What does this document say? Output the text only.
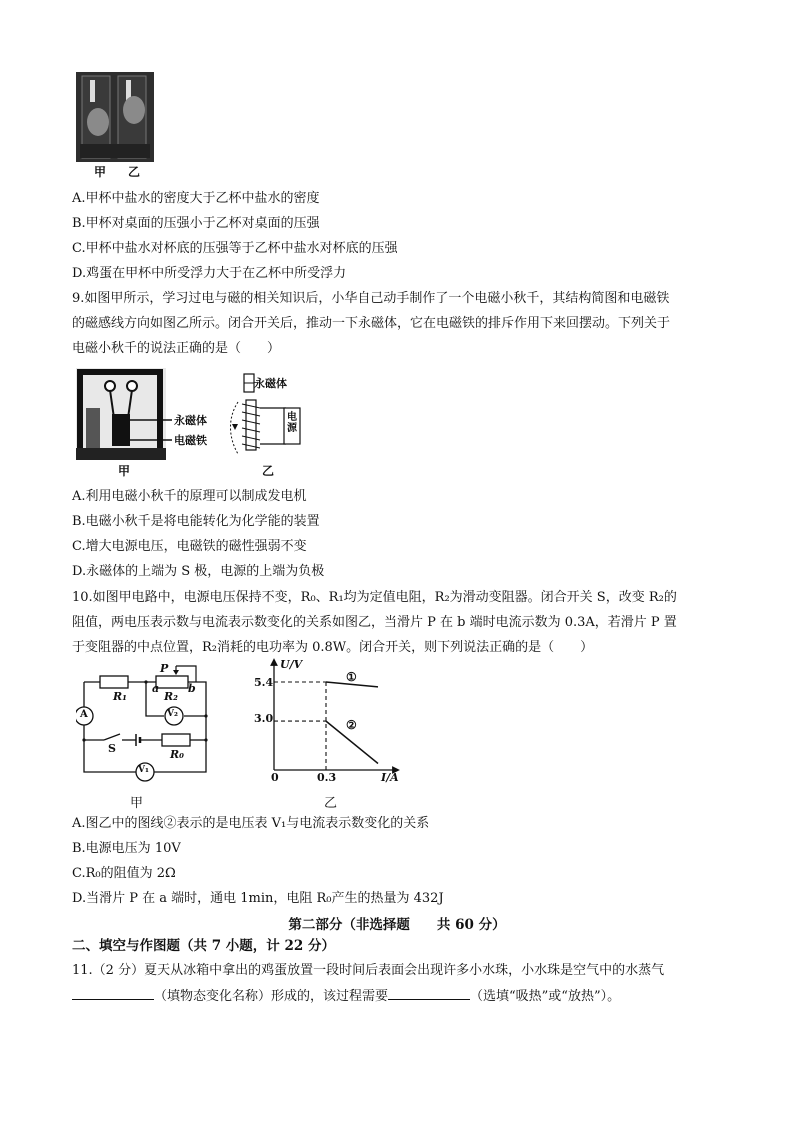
甲 乙
A.甲杯中盐水的密度大于乙杯中盐水的密度
B.甲杯对桌面的压强小于乙杯对桌面的压强
C.甲杯中盐水对杯底的压强等于乙杯中盐水对杯底的压强
D.鸡蛋在甲杯中所受浮力大于在乙杯中所受浮力
9.如图甲所示，学习过电与磁的相关知识后，小华自己动手制作了一个电磁小秋千，其结构简图和电磁铁
的磁感线方向如图乙所示。闭合开关后，推动一下永磁体，它在电磁铁的排斥作用下来回摆动。下列关于
电磁小秋千的说法正确的是（　　）
永磁体
电磁铁
甲
永磁体
电源
乙
A.利用电磁小秋千的原理可以制成发电机
B.电磁小秋千是将电能转化为化学能的装置
C.增大电源电压，电磁铁的磁性强弱不变
D.永磁体的上端为 S 极，电源的上端为负极
10.如图甲电路中，电源电压保持不变，R₀、R₁均为定值电阻，R₂为滑动变阻器。闭合开关 S，改变 R₂的
阻值，两电压表示数与电流表示数变化的关系如图乙，当滑片 P 在 b 端时电流示数为 0.3A，若滑片 P 置
于变阻器的中点位置，R₂消耗的电功率为 0.8W。闭合开关，则下列说法正确的是（　　）
R₁	R₂
P
a	b
A	V₂
S	R₀
V₁
甲
U/V
5.4
3.0
0	0.3	I/A
①
②
乙
A.图乙中的图线②表示的是电压表 V₁与电流表示数变化的关系
B.电源电压为 10V
C.R₀的阻值为 2Ω
D.当滑片 P 在 a 端时，通电 1min，电阻 R₀产生的热量为 432J
第二部分（非选择题　　共 60 分）
二、填空与作图题（共 7 小题，计 22 分）
11.（2 分）夏天从冰箱中拿出的鸡蛋放置一段时间后表面会出现许多小水珠，小水珠是空气中的水蒸气
（填物态变化名称）形成的，该过程需要	（选填“吸热”或“放热”）。
